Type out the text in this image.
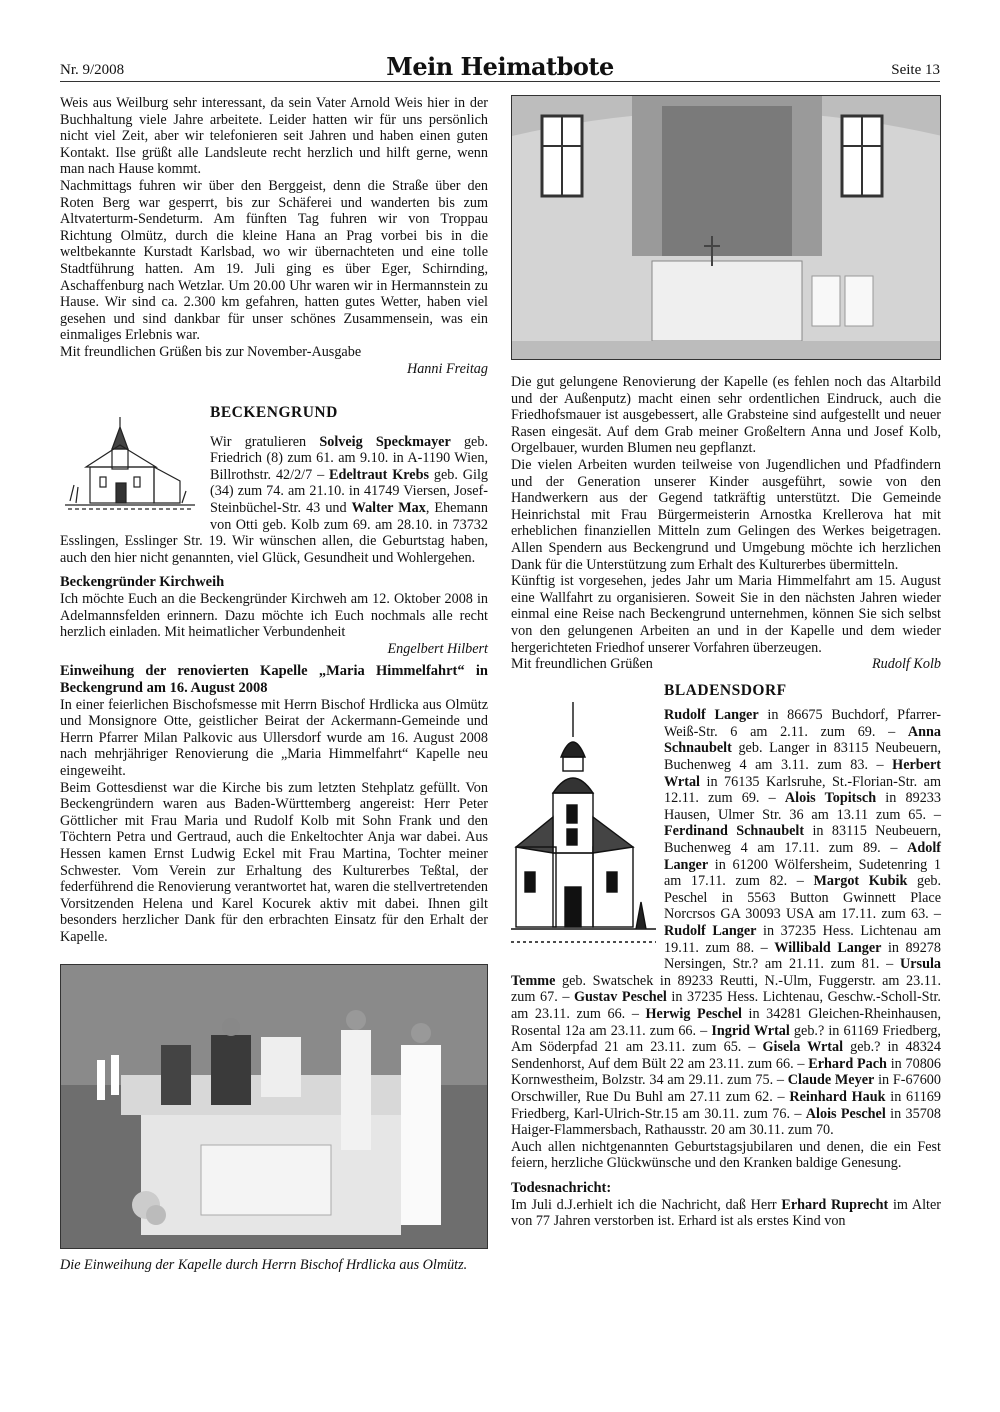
Nr. 9/2008	Mein Heimatbote	Seite 13

Weis aus Weilburg sehr interessant, da sein Vater Arnold Weis hier in der Buchhaltung viele Jahre arbeitete. Leider hatten wir für uns persönlich nicht viel Zeit, aber wir telefonieren seit Jahren und haben einen guten Kontakt. Ilse grüßt alle Landsleute recht herzlich und hilft gerne, wenn man nach Hause kommt.

Nachmittags fuhren wir über den Berggeist, denn die Straße über den Roten Berg war gesperrt, bis zur Schäferei und wanderten bis zum Altvaterturm-Sendeturm. Am fünften Tag fuhren wir von Troppau Richtung Olmütz, durch die kleine Hana an Prag vorbei bis in die weltbekannte Kurstadt Karlsbad, wo wir übernachteten und eine tolle Stadtführung hatten. Am 19. Juli ging es über Eger, Schirnding, Aschaffenburg nach Wetzlar. Um 20.00 Uhr waren wir in Hermannstein zu Hause. Wir sind ca. 2.300 km gefahren, hatten gutes Wetter, haben viel gesehen und sind dankbar für unser schönes Zusammensein, was ein einmaliges Erlebnis war.

Mit freundlichen Grüßen bis zur November-Ausgabe

Hanni Freitag

BECKENGRUND

Wir gratulieren Solveig Speckmayer geb. Friedrich (8) zum 61. am 9.10. in A-1190 Wien, Billrothstr. 42/2/7 – Edeltraut Krebs geb. Gilg (34) zum 74. am 21.10. in 41749 Viersen, Josef-Steinbüchel-Str. 43 und Walter Max, Ehemann von Otti geb. Kolb zum 69. am 28.10. in 73732 Esslingen, Esslinger Str. 19. Wir wünschen allen, die Geburtstag haben, auch den hier nicht genannten, viel Glück, Gesundheit und Wohlergehen.

Beckengründer Kirchweih

Ich möchte Euch an die Beckengründer Kirchweh am 12. Oktober 2008 in Adelmannsfelden erinnern. Dazu möchte ich Euch nochmals alle recht herzlich einladen. Mit heimatlicher Verbundenheit

Engelbert Hilbert

Einweihung der renovierten Kapelle „Maria Himmelfahrt“ in Beckengrund am 16. August 2008

In einer feierlichen Bischofsmesse mit Herrn Bischof Hrdlicka aus Olmütz und Monsignore Otte, geistlicher Beirat der Ackermann-Gemeinde und Herrn Pfarrer Milan Palkovic aus Ullersdorf wurde am 16. August 2008 nach mehrjähriger Renovierung die „Maria Himmelfahrt“ Kapelle neu eingeweiht.

Beim Gottesdienst war die Kirche bis zum letzten Stehplatz gefüllt. Von Beckengründern waren aus Baden-Württemberg angereist: Herr Peter Göttlicher mit Frau Maria und Rudolf Kolb mit Sohn Frank und den Töchtern Petra und Gertraud, auch die Enkeltochter Anja war dabei. Aus Hessen kamen Ernst Ludwig Eckel mit Frau Martina, Tochter meiner Schwester. Vom Verein zur Erhaltung des Kulturerbes Teßtal, der federführend die Renovierung verantwortet hat, waren die stellvertretenden Vorsitzenden Helena und Karel Kocurek aktiv mit dabei. Ihnen gilt besonders herzlicher Dank für den erbrachten Einsatz für den Erhalt der Kapelle.

Die Einweihung der Kapelle durch Herrn Bischof Hrdlicka aus Olmütz.

Die gut gelungene Renovierung der Kapelle (es fehlen noch das Altarbild und der Außenputz) macht einen sehr ordentlichen Eindruck, auch die Friedhofsmauer ist ausgebessert, alle Grabsteine sind aufgestellt und neuer Rasen eingesät. Auf dem Grab meiner Großeltern Anna und Josef Kolb, Orgelbauer, wurden Blumen neu gepflanzt.

Die vielen Arbeiten wurden teilweise von Jugendlichen und Pfadfindern und der Generation unserer Kinder ausgeführt, sowie von den Handwerkern aus der Gegend tatkräftig unterstützt. Die Gemeinde Heinrichstal mit Frau Bürgermeisterin Arnostka Krellerova hat mit erheblichen finanziellen Mitteln zum Gelingen des Werkes beigetragen. Allen Spendern aus Beckengrund und Umgebung möchte ich herzlichen Dank für die Unterstützung zum Erhalt des Kulturerbes übermitteln.

Künftig ist vorgesehen, jedes Jahr um Maria Himmelfahrt am 15. August eine Wallfahrt zu organisieren. Soweit Sie in den nächsten Jahren wieder einmal eine Reise nach Beckengrund unternehmen, können Sie sich selbst von den gelungenen Arbeiten an und in der Kapelle und dem wieder hergerichteten Friedhof unserer Vorfahren überzeugen.

Mit freundlichen Grüßen	Rudolf Kolb

BLADENSDORF

Rudolf Langer in 86675 Buchdorf, Pfarrer-Weiß-Str. 6 am 2.11. zum 69. – Anna Schnaubelt geb. Langer in 83115 Neubeuern, Buchenweg 4 am 3.11. zum 83. – Herbert Wrtal in 76135 Karlsruhe, St.-Florian-Str. am 12.11. zum 69. – Alois Topitsch in 89233 Hausen, Ulmer Str. 36 am 13.11 zum 65. – Ferdinand Schnaubelt in 83115 Neubeuern, Buchenweg 4 am 17.11. zum 89. – Adolf Langer in 61200 Wölfersheim, Sudetenring 1 am 17.11. zum 82. – Margot Kubik geb. Peschel in 5563 Button Gwinnett Place Norcrsos GA 30093 USA am 17.11. zum 63. – Rudolf Langer in 37235 Hess. Lichtenau am 19.11. zum 88. – Willibald Langer in 89278 Nersingen, Str.? am 21.11. zum 81. – Ursula Temme geb. Swatschek in 89233 Reutti, N.-Ulm, Fuggerstr. am 23.11. zum 67. – Gustav Peschel in 37235 Hess. Lichtenau, Geschw.-Scholl-Str. am 23.11. zum 66. – Herwig Peschel in 34281 Gleichen-Rheinhausen, Rosental 12a am 23.11. zum 66. – Ingrid Wrtal geb.? in 61169 Friedberg, Am Söderpfad 21 am 23.11. zum 65. – Gisela Wrtal geb.? in 48324 Sendenhorst, Auf dem Bült 22 am 23.11. zum 66. – Erhard Pach in 70806 Kornwestheim, Bolzstr. 34 am 29.11. zum 75. – Claude Meyer in F-67600 Orschwiller, Rue Du Buhl am 27.11 zum 62. – Reinhard Hauk in 61169 Friedberg, Karl-Ulrich-Str.15 am 30.11. zum 76. – Alois Peschel in 35708 Haiger-Flammersbach, Rathausstr. 20 am 30.11. zum 70.

Auch allen nichtgenannten Geburtstagsjubilaren und denen, die ein Fest feiern, herzliche Glückwünsche und den Kranken baldige Genesung.

Todesnachricht:

Im Juli d.J.erhielt ich die Nachricht, daß Herr Erhard Ruprecht im Alter von 77 Jahren verstorben ist. Erhard ist als erstes Kind von
